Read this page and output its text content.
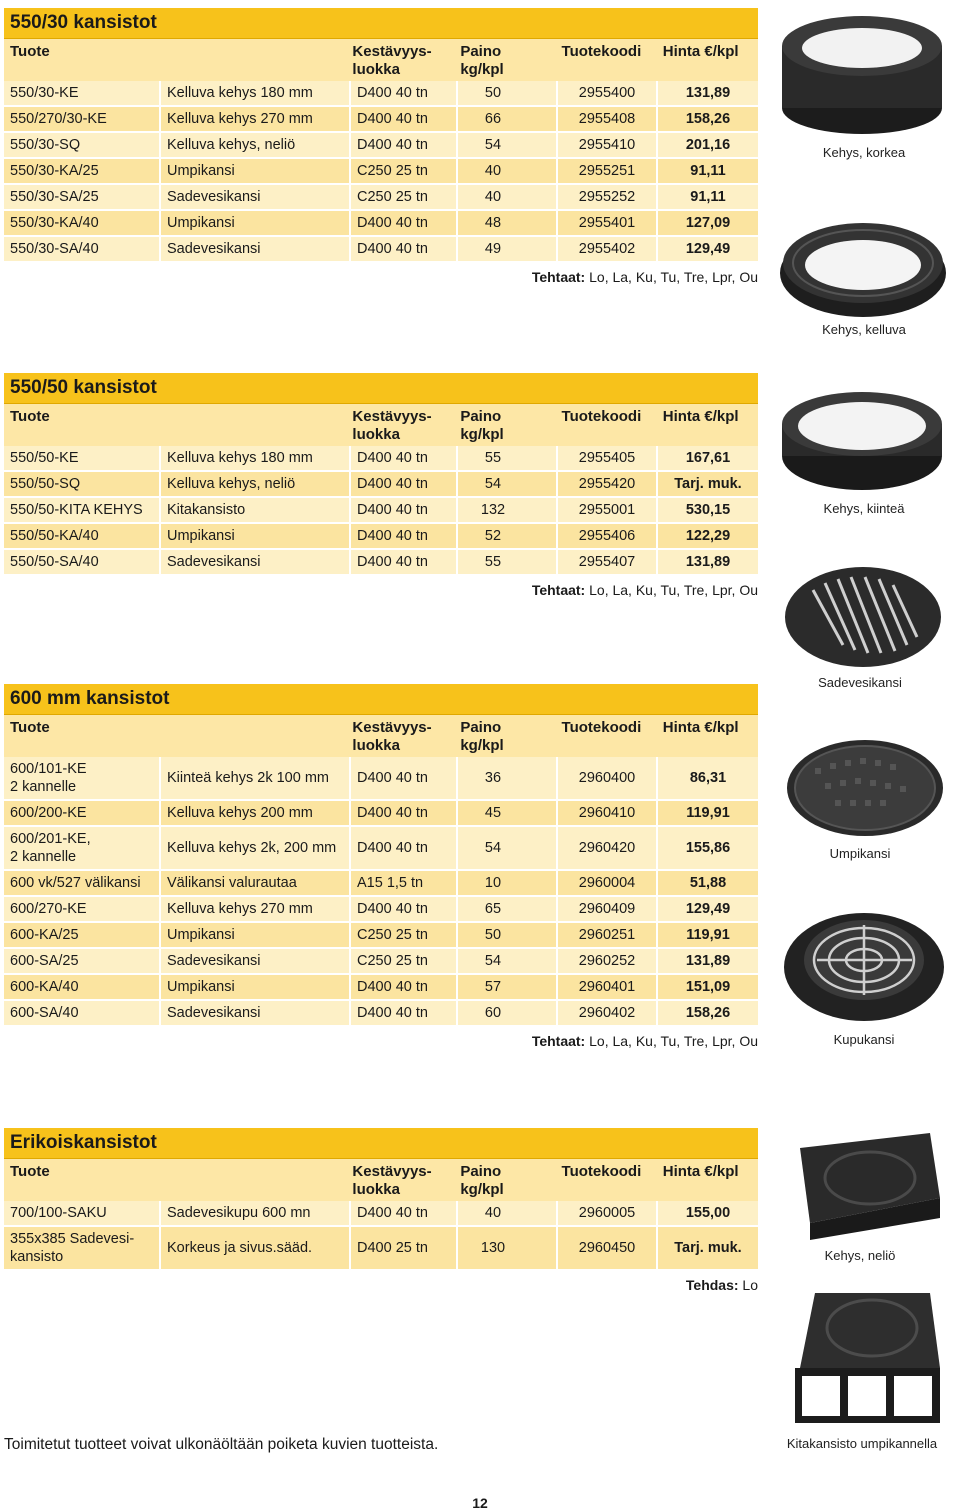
550/30 kansistot
Tuote	Kestävyys-
luokka
Paino
kg/kpl
Tuotekoodi	Hinta €/kpl
550/30-KE	Kelluva kehys 180 mm	D400 40 tn	50	2955400	131,89
550/270/30-KE	Kelluva kehys 270 mm	D400 40 tn	66	2955408	158,26
550/30-SQ	Kelluva kehys, neliö	D400 40 tn	54	2955410	201,16
550/30-KA/25	Umpikansi	C250 25 tn	40	2955251	91,11
550/30-SA/25	Sadevesikansi	C250 25 tn	40	2955252	91,11
550/30-KA/40	Umpikansi	D400 40 tn	48	2955401	127,09
550/30-SA/40	Sadevesikansi	D400 40 tn	49	2955402	129,49
Tehtaat: Lo, La, Ku, Tu, Tre, Lpr, Ou
550/50 kansistot
Tuote	Kestävyys-
luokka
Paino
kg/kpl
Tuotekoodi	Hinta €/kpl
550/50-KE	Kelluva kehys 180 mm	D400 40 tn	55	2955405	167,61
550/50-SQ	Kelluva kehys, neliö	D400 40 tn	54	2955420	Tarj. muk.
550/50-KITA KEHYS	Kitakansisto	D400 40 tn	132	2955001	530,15
550/50-KA/40	Umpikansi	D400 40 tn	52	2955406	122,29
550/50-SA/40	Sadevesikansi	D400 40 tn	55	2955407	131,89
Tehtaat: Lo, La, Ku, Tu, Tre, Lpr, Ou
600 mm kansistot
Tuote	Kestävyys-
luokka
Paino
kg/kpl
Tuotekoodi	Hinta €/kpl
600/101-KE
2 kannelle
Kiinteä kehys 2k 100 mm	D400 40 tn	36	2960400	86,31
600/200-KE	Kelluva kehys 200 mm	D400 40 tn	45	2960410	119,91
600/201-KE,
2 kannelle
Kelluva kehys 2k, 200 mm	D400 40 tn	54	2960420	155,86
600 vk/527 välikansi	Välikansi valurautaa	A15 1,5 tn	10	2960004	51,88
600/270-KE	Kelluva kehys 270 mm	D400 40 tn	65	2960409	129,49
600-KA/25	Umpikansi	C250 25 tn	50	2960251	119,91
600-SA/25	Sadevesikansi	C250 25 tn	54	2960252	131,89
600-KA/40	Umpikansi	D400 40 tn	57	2960401	151,09
600-SA/40	Sadevesikansi	D400 40 tn	60	2960402	158,26
Tehtaat: Lo, La, Ku, Tu, Tre, Lpr, Ou
Erikoiskansistot
Tuote	Kestävyys-
luokka
Paino
kg/kpl
Tuotekoodi	Hinta €/kpl
700/100-SAKU	Sadevesikupu 600 mn	D400 40 tn	40	2960005	155,00
355x385 Sadevesi-
kansisto
Korkeus ja sivus.sääd.	D400 25 tn	130	2960450	Tarj. muk.
Tehdas: Lo
Kehys, korkea
Kehys, kelluva
Kehys, kiinteä
Sadevesikansi
Umpikansi
Kupukansi
Kehys, neliö
Kitakansisto umpikannella
Toimitetut tuotteet voivat ulkonäöltään poiketa kuvien tuotteista.
12
